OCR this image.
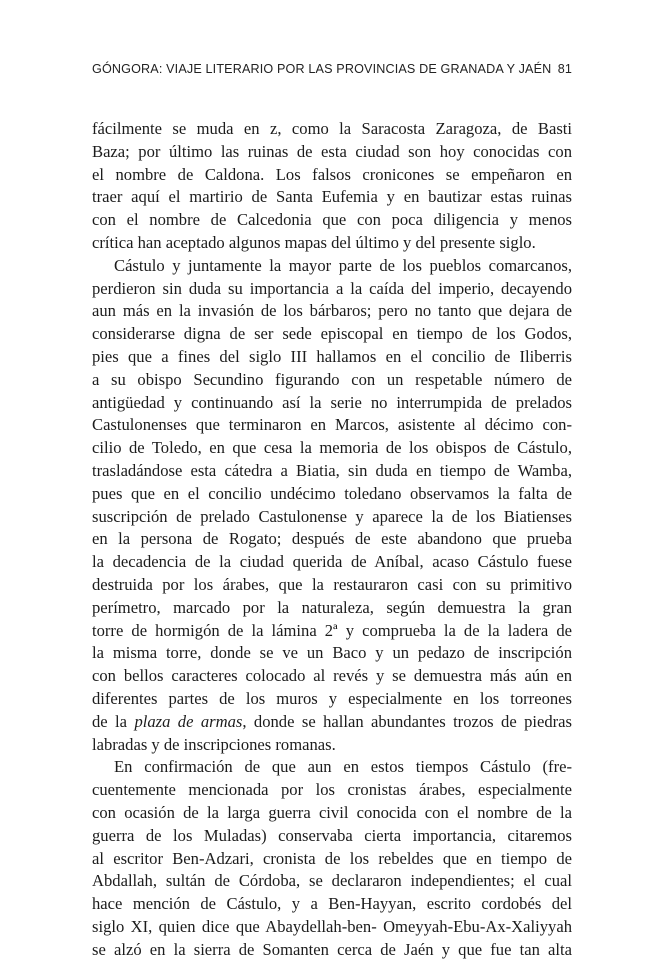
GÓNGORA: VIAJE LITERARIO POR LAS PROVINCIAS DE GRANADA Y JAÉN 81
fácilmente se muda en z, como la Saracosta Zaragoza, de Basti
Baza; por último las ruinas de esta ciudad son hoy conocidas con
el nombre de Caldona. Los falsos cronicones se empeñaron en
traer aquí el martirio de Santa Eufemia y en bautizar estas ruinas
con el nombre de Calcedonia que con poca diligencia y menos
crítica han aceptado algunos mapas del último y del presente siglo.
Cástulo y juntamente la mayor parte de los pueblos comarcanos,
perdieron sin duda su importancia a la caída del imperio, decayendo
aun más en la invasión de los bárbaros; pero no tanto que dejara de
considerarse digna de ser sede episcopal en tiempo de los Godos,
pies que a fines del siglo III hallamos en el concilio de Iliberris
a su obispo Secundino figurando con un respetable número de
antigüedad y continuando así la serie no interrumpida de prelados
Castulonenses que terminaron en Marcos, asistente al décimo con-
cilio de Toledo, en que cesa la memoria de los obispos de Cástulo,
trasladándose esta cátedra a Biatia, sin duda en tiempo de Wamba,
pues que en el concilio undécimo toledano observamos la falta de
suscripción de prelado Castulonense y aparece la de los Biatienses
en la persona de Rogato; después de este abandono que prueba
la decadencia de la ciudad querida de Aníbal, acaso Cástulo fuese
destruida por los árabes, que la restauraron casi con su primitivo
perímetro, marcado por la naturaleza, según demuestra la gran
torre de hormigón de la lámina 2ª y comprueba la de la ladera de
la misma torre, donde se ve un Baco y un pedazo de inscripción
con bellos caracteres colocado al revés y se demuestra más aún en
diferentes partes de los muros y especialmente en los torreones
de la plaza de armas, donde se hallan abundantes trozos de piedras
labradas y de inscripciones romanas.
En confirmación de que aun en estos tiempos Cástulo (fre-
cuentemente mencionada por los cronistas árabes, especialmente
con ocasión de la larga guerra civil conocida con el nombre de la
guerra de los Muladas) conservaba cierta importancia, citaremos
al escritor Ben-Adzari, cronista de los rebeldes que en tiempo de
Abdallah, sultán de Córdoba, se declararon independientes; el cual
hace mención de Cástulo, y a Ben-Hayyan, escrito cordobés del
siglo XI, quien dice que Abaydellah-ben- Omeyyah-Ebu-Ax-Xaliyyah
se alzó en la sierra de Somanten cerca de Jaén y que fue tan alta
